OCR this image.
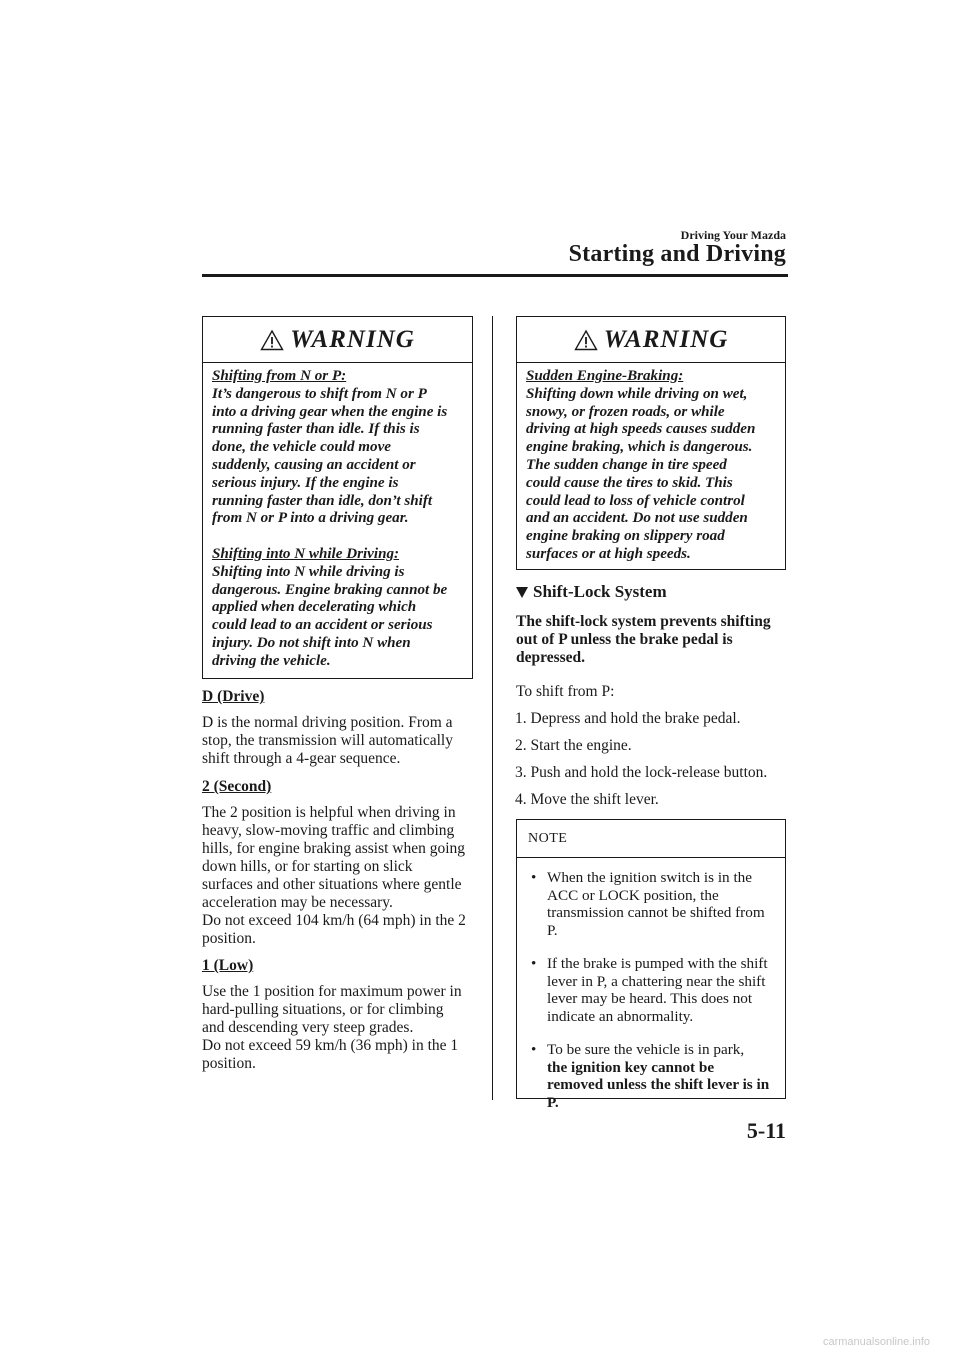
Driving Your Mazda
Starting and Driving
WARNING

Shifting from N or P:

It’s dangerous to shift from N or P

into a driving gear when the engine is

running faster than idle. If this is

done, the vehicle could move

suddenly, causing an accident or

serious injury. If the engine is

running faster than idle, don’t shift

from N or P into a driving gear.

Shifting into N while Driving:

Shifting into N while driving is

dangerous. Engine braking cannot be

applied when decelerating which

could lead to an accident or serious

injury. Do not shift into N when

driving the vehicle.

D (Drive)
D is the normal driving position. From a
stop, the transmission will automatically
shift through a 4-gear sequence.
2 (Second)
The 2 position is helpful when driving in
heavy, slow-moving traffic and climbing
hills, for engine braking assist when going
down hills, or for starting on slick
surfaces and other situations where gentle
acceleration may be necessary.
Do not exceed 104 km/h (64 mph) in the 2
position.
1 (Low)
Use the 1 position for maximum power in
hard-pulling situations, or for climbing
and descending very steep grades.
Do not exceed 59 km/h (36 mph) in the 1
position.
WARNING

Sudden Engine-Braking:

Shifting down while driving on wet,

snowy, or frozen roads, or while

driving at high speeds causes sudden

engine braking, which is dangerous.

The sudden change in tire speed

could cause the tires to skid. This

could lead to loss of vehicle control

and an accident. Do not use sudden

engine braking on slippery road

surfaces or at high speeds.

Shift-Lock System
The shift-lock system prevents shifting
out of P unless the brake pedal is
depressed.
To shift from P:
1. Depress and hold the brake pedal.
2. Start the engine.
3. Push and hold the lock-release button.
4. Move the shift lever.
NOTE
• When the ignition switch is in the
ACC or LOCK position, the
transmission cannot be shifted from
P.
• If the brake is pumped with the shift
lever in P, a chattering near the shift
lever may be heard. This does not
indicate an abnormality.
• To be sure the vehicle is in park,
the ignition key cannot be
removed unless the shift lever is in
P.
5-11
carmanualsonline.info
